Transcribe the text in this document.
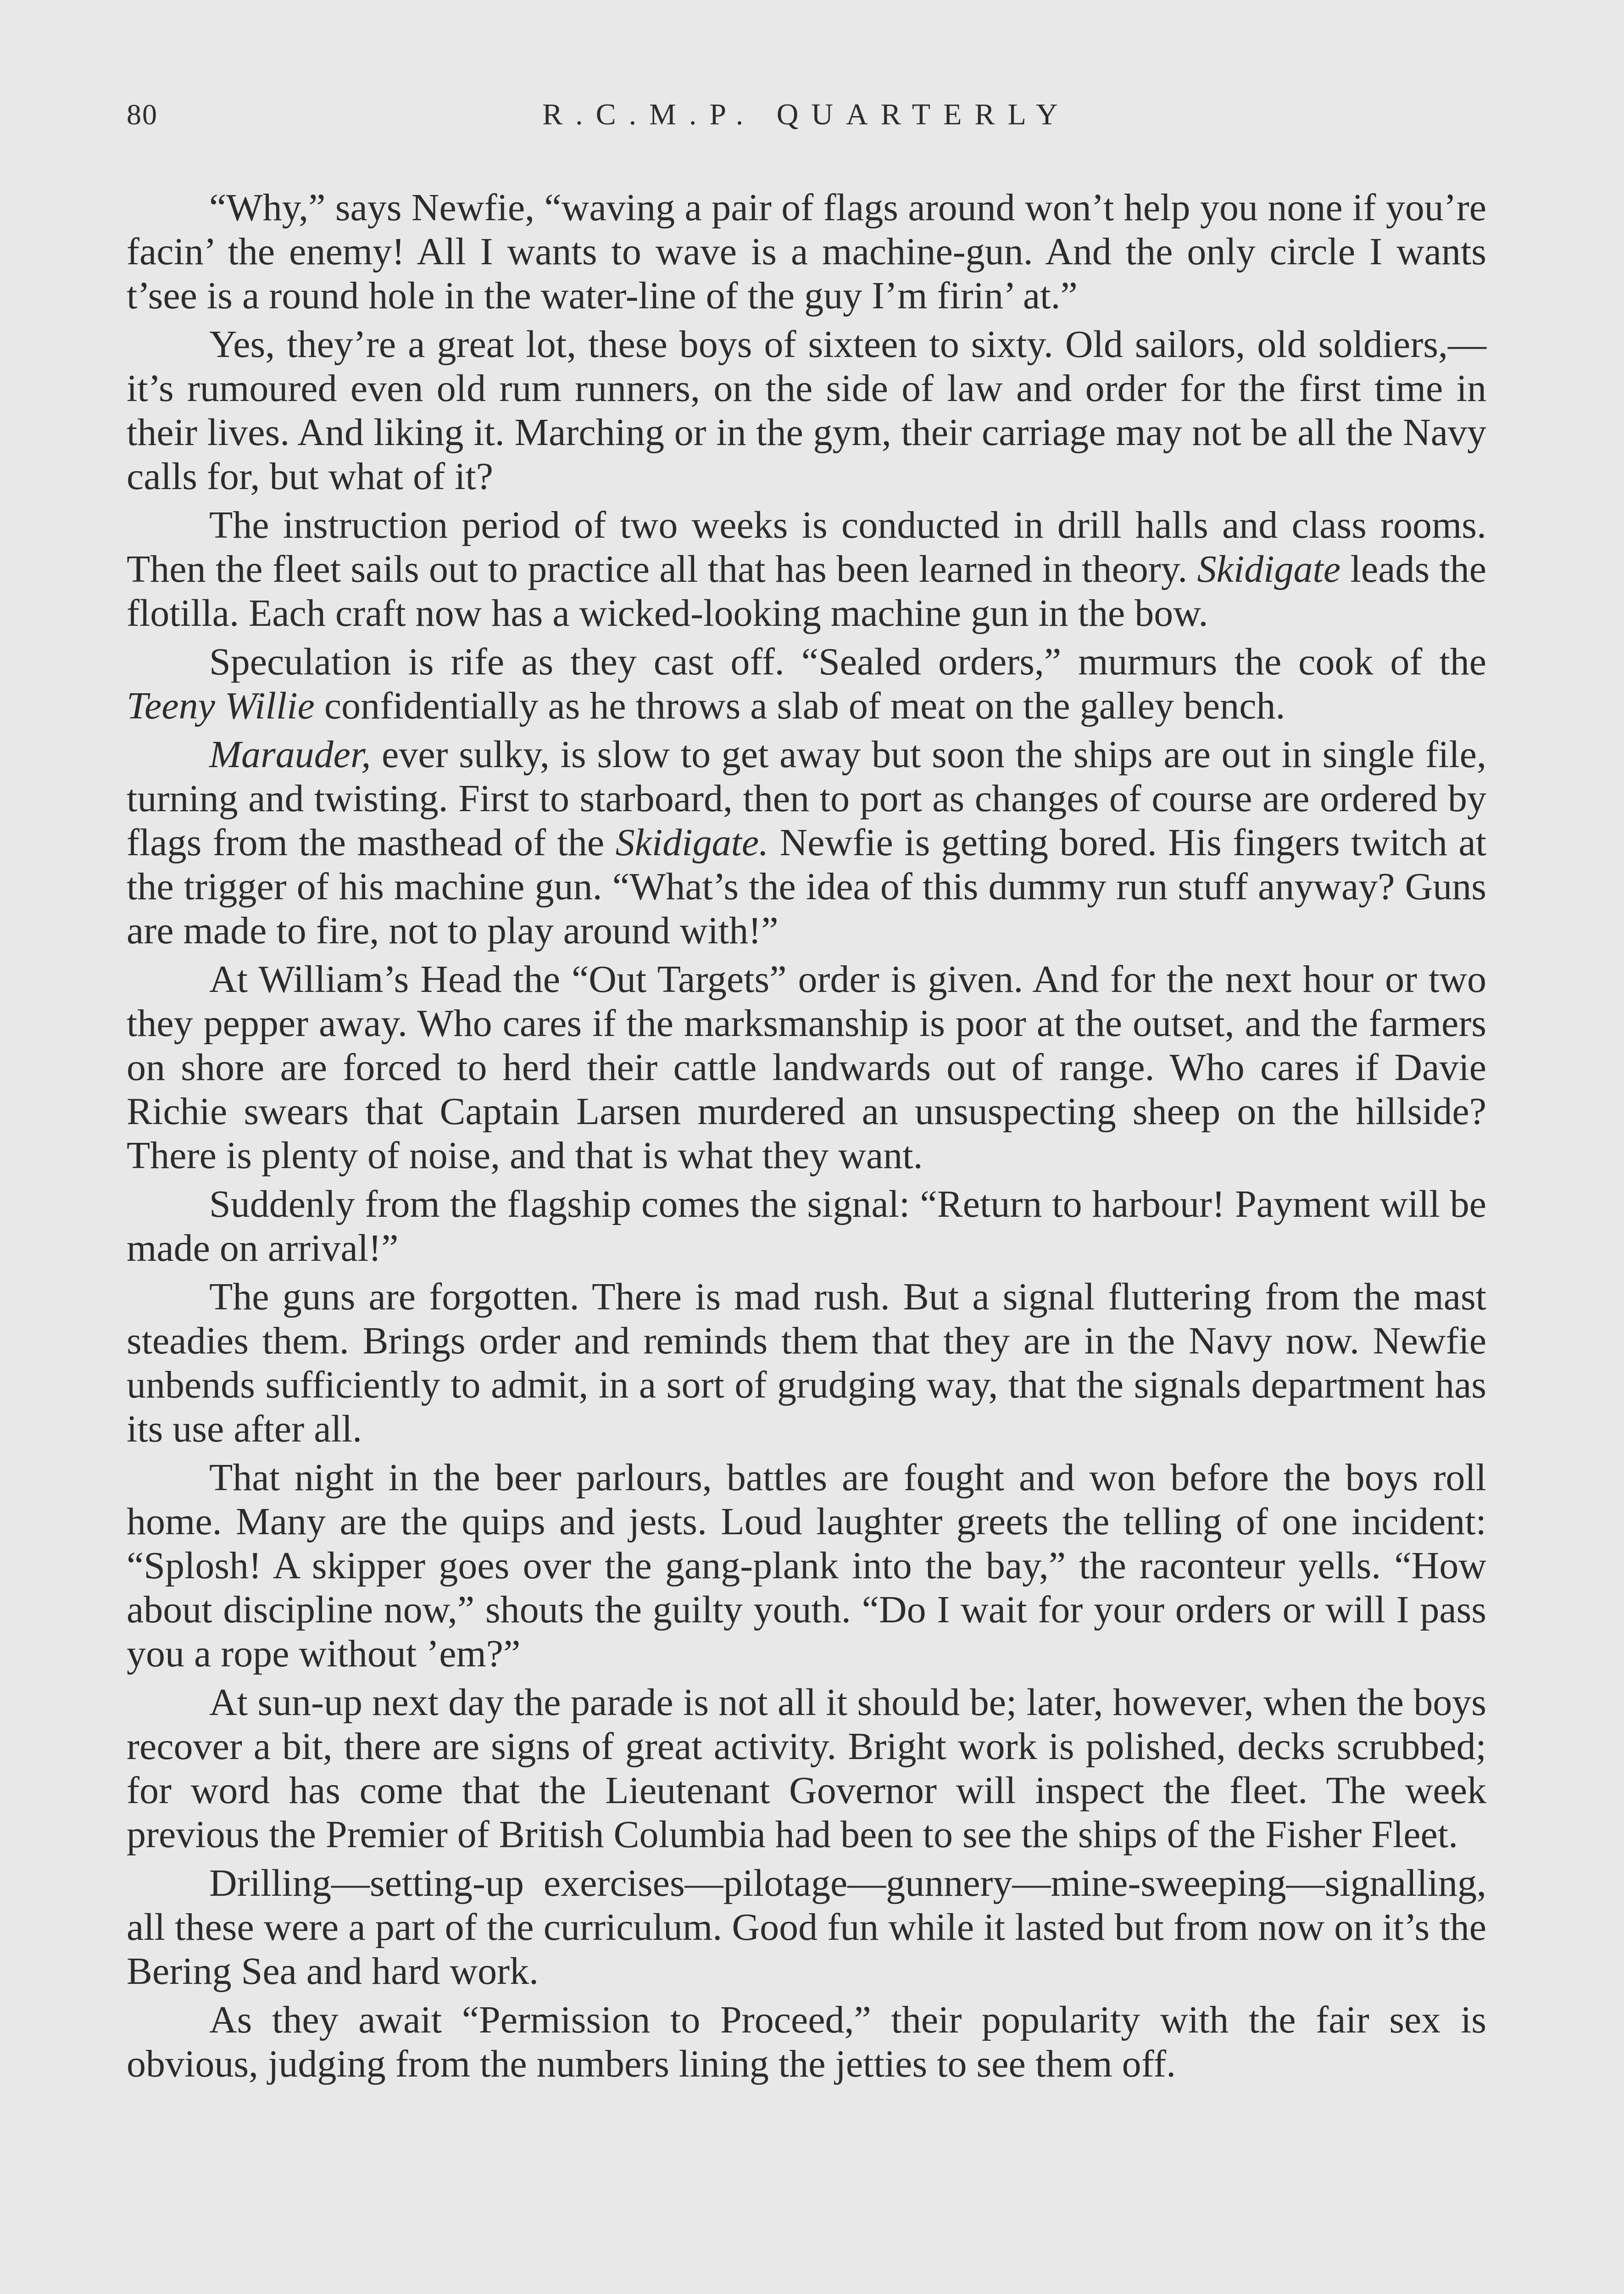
80	R.C.M.P. QUARTERLY

“Why,” says Newfie, “waving a pair of flags around won’t help you none if you’re facin’ the enemy! All I wants to wave is a machine-gun. And the only circle I wants t’see is a round hole in the water-line of the guy I’m firin’ at.”

Yes, they’re a great lot, these boys of sixteen to sixty. Old sailors, old soldiers,—it’s rumoured even old rum runners, on the side of law and order for the first time in their lives. And liking it. Marching or in the gym, their carriage may not be all the Navy calls for, but what of it?

The instruction period of two weeks is conducted in drill halls and class rooms. Then the fleet sails out to practice all that has been learned in theory. Skidigate leads the flotilla. Each craft now has a wicked-looking machine gun in the bow.

Speculation is rife as they cast off. “Sealed orders,” murmurs the cook of the Teeny Willie confidentially as he throws a slab of meat on the galley bench.

Marauder, ever sulky, is slow to get away but soon the ships are out in single file, turning and twisting. First to starboard, then to port as changes of course are ordered by flags from the masthead of the Skidigate. Newfie is getting bored. His fingers twitch at the trigger of his machine gun. “What’s the idea of this dummy run stuff anyway? Guns are made to fire, not to play around with!”

At William’s Head the “Out Targets” order is given. And for the next hour or two they pepper away. Who cares if the marksmanship is poor at the outset, and the farmers on shore are forced to herd their cattle landwards out of range. Who cares if Davie Richie swears that Captain Larsen murdered an unsuspecting sheep on the hillside? There is plenty of noise, and that is what they want.

Suddenly from the flagship comes the signal: “Return to harbour! Payment will be made on arrival!”

The guns are forgotten. There is mad rush. But a signal fluttering from the mast steadies them. Brings order and reminds them that they are in the Navy now. Newfie unbends sufficiently to admit, in a sort of grudging way, that the signals department has its use after all.

That night in the beer parlours, battles are fought and won before the boys roll home. Many are the quips and jests. Loud laughter greets the telling of one incident: “Splosh! A skipper goes over the gang-plank into the bay,” the raconteur yells. “How about discipline now,” shouts the guilty youth. “Do I wait for your orders or will I pass you a rope without ’em?”

At sun-up next day the parade is not all it should be; later, however, when the boys recover a bit, there are signs of great activity. Bright work is polished, decks scrubbed; for word has come that the Lieutenant Governor will inspect the fleet. The week previous the Premier of British Columbia had been to see the ships of the Fisher Fleet.

Drilling—setting-up exercises—pilotage—gunnery—mine-sweeping—signalling, all these were a part of the curriculum. Good fun while it lasted but from now on it’s the Bering Sea and hard work.

As they await “Permission to Proceed,” their popularity with the fair sex is obvious, judging from the numbers lining the jetties to see them off.
